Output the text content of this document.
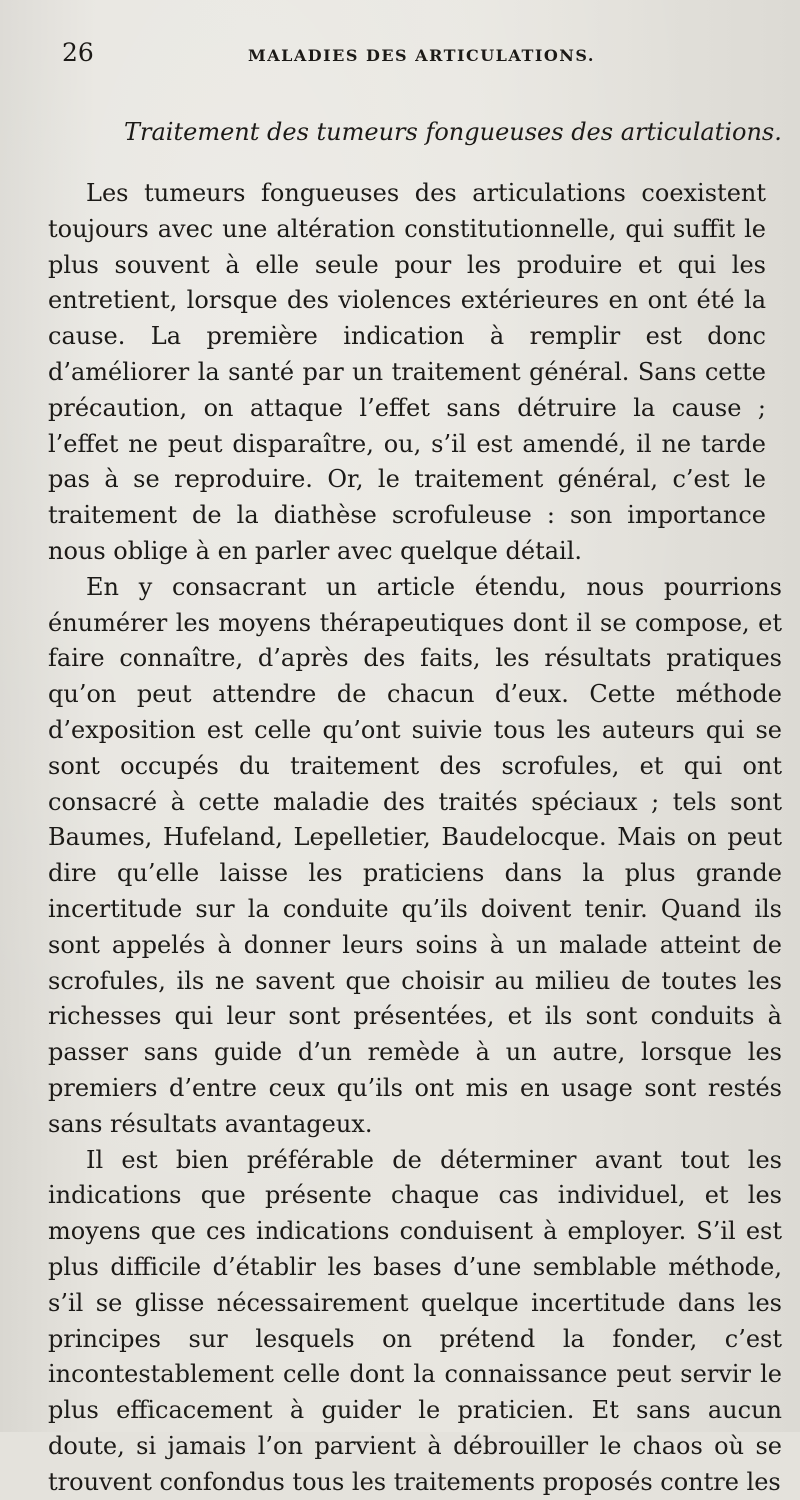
26	MALADIES DES ARTICULATIONS.
Traitement des tumeurs fongueuses des articulations.

Les tumeurs fongueuses des articulations coexistent toujours avec une altération constitutionnelle, qui suffit le plus souvent à elle seule pour les produire et qui les entretient, lorsque des violences extérieures en ont été la cause. La première indication à remplir est donc d’améliorer la santé par un traitement général. Sans cette précaution, on attaque l’effet sans détruire la cause ; l’effet ne peut disparaître, ou, s’il est amendé, il ne tarde pas à se reproduire. Or, le traitement général, c’est le traitement de la diathèse scrofuleuse : son importance nous oblige à en parler avec quelque détail.

En y consacrant un article étendu, nous pourrions énumérer les moyens thérapeutiques dont il se compose, et faire connaître, d’après des faits, les résultats pratiques qu’on peut attendre de chacun d’eux. Cette méthode d’exposition est celle qu’ont suivie tous les auteurs qui se sont occupés du traitement des scrofules, et qui ont consacré à cette maladie des traités spéciaux ; tels sont Baumes, Hufeland, Lepelletier, Baudelocque. Mais on peut dire qu’elle laisse les praticiens dans la plus grande incertitude sur la conduite qu’ils doivent tenir. Quand ils sont appelés à donner leurs soins à un malade atteint de scrofules, ils ne savent que choisir au milieu de toutes les richesses qui leur sont présentées, et ils sont conduits à passer sans guide d’un remède à un autre, lorsque les premiers d’entre ceux qu’ils ont mis en usage sont restés sans résultats avantageux.

Il est bien préférable de déterminer avant tout les indications que présente chaque cas individuel, et les moyens que ces indications conduisent à employer. S’il est plus difficile d’établir les bases d’une semblable méthode, s’il se glisse nécessairement quelque incertitude dans les principes sur lesquels on prétend la fonder, c’est incontestablement celle dont la connaissance peut servir le plus efficacement à guider le praticien. Et sans aucun doute, si jamais l’on parvient à débrouiller le chaos où se trouvent confondus tous les traitements proposés contre les
